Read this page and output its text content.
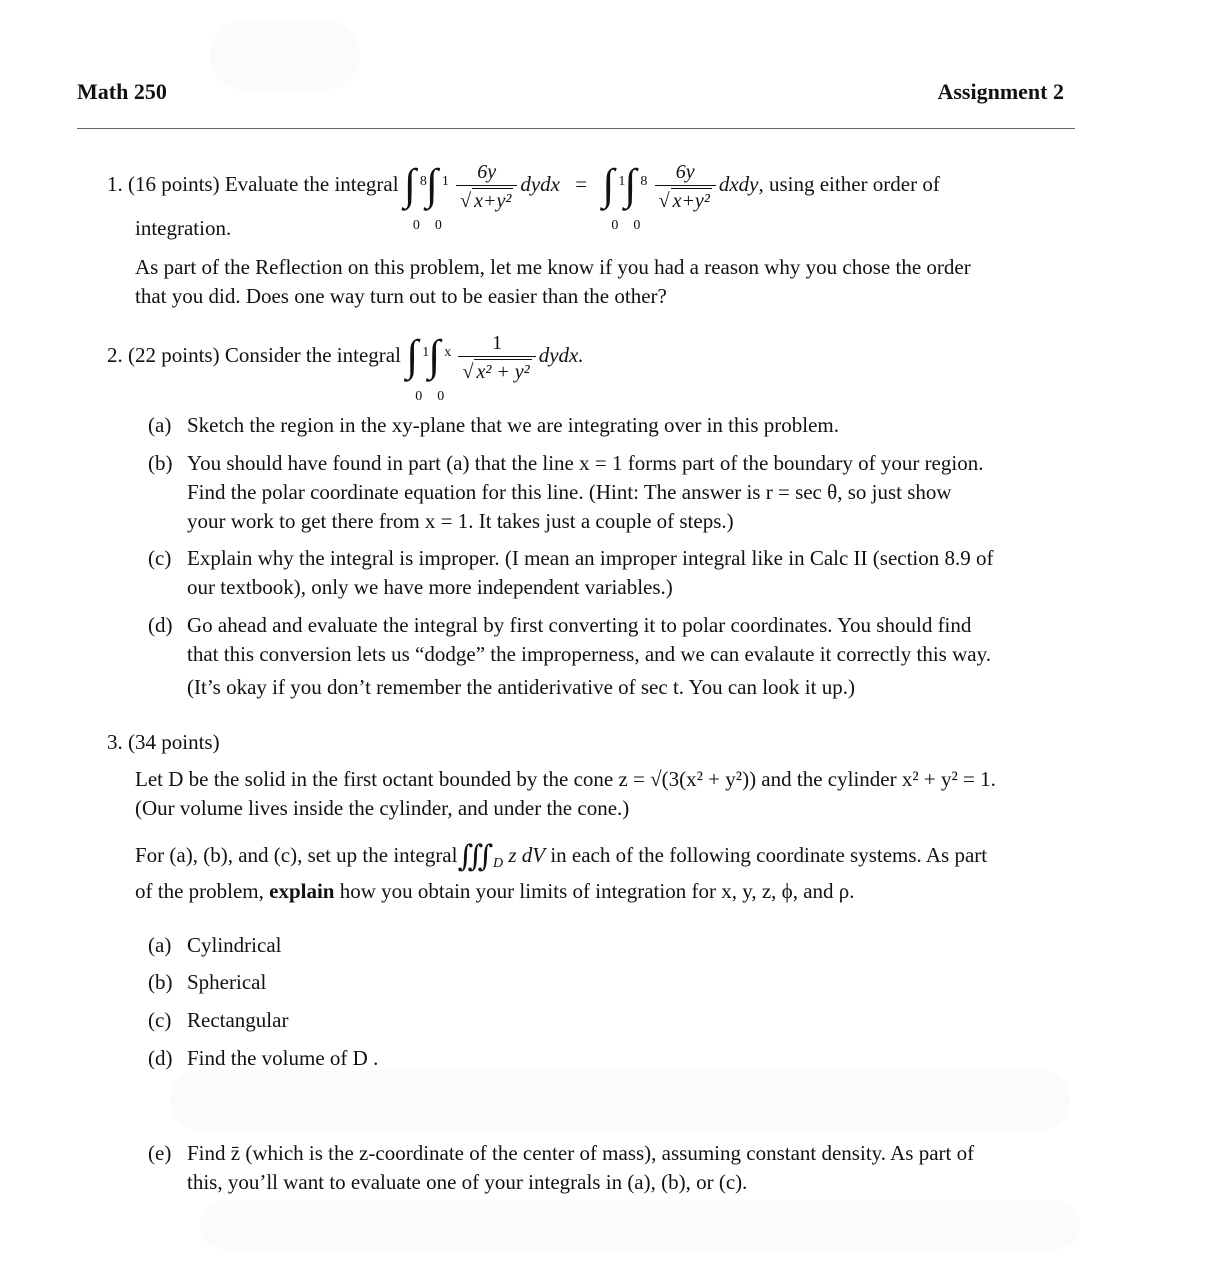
Math 250	Assignment 2
1. (16 points) Evaluate the integral ∫ 8
0
∫ 1
0

$\frac{6y}{\text{√ x+y²}}$ dydx = ∫ 1
0
∫ 8
0

$\frac{6y}{\text{√ x+y²}}$ dxdy, using either order of
integration.
As part of the Reflection on this problem, let me know if you had a reason why you chose the order
that you did. Does one way turn out to be easier than the other?
2. (22 points) Consider the integral ∫ 1
0
∫ x
0

$\frac{1}{\text{√ x² + y²}}$ dydx.
(a) Sketch the region in the xy-plane that we are integrating over in this problem.
(b) You should have found in part (a) that the line x = 1 forms part of the boundary of your region.
Find the polar coordinate equation for this line. (Hint: The answer is r = sec θ, so just show
your work to get there from x = 1. It takes just a couple of steps.)
(c) Explain why the integral is improper. (I mean an improper integral like in Calc II (section 8.9 of
our textbook), only we have more independent variables.)
(d) Go ahead and evaluate the integral by first converting it to polar coordinates. You should find
that this conversion lets us “dodge” the improperness, and we can evalaute it correctly this way.
(It’s okay if you don’t remember the antiderivative of sec t. You can look it up.)
3. (34 points)
Let D be the solid in the first octant bounded by the cone z = √(3(x² + y²)) and the cylinder x² + y² = 1.
(Our volume lives inside the cylinder, and under the cone.)
For (a), (b), and (c), set up the $integral∭_D$ z dV in each of the following coordinate systems. As part
of the problem, explain how you obtain your limits of integration for x, y, z, ϕ, and ρ.
(a) Cylindrical
(b) Spherical
(c) Rectangular
(d) Find the volume of D .
(e) Find z̄ (which is the z-coordinate of the center of mass), assuming constant density. As part of
this, you’ll want to evaluate one of your integrals in (a), (b), or (c).
